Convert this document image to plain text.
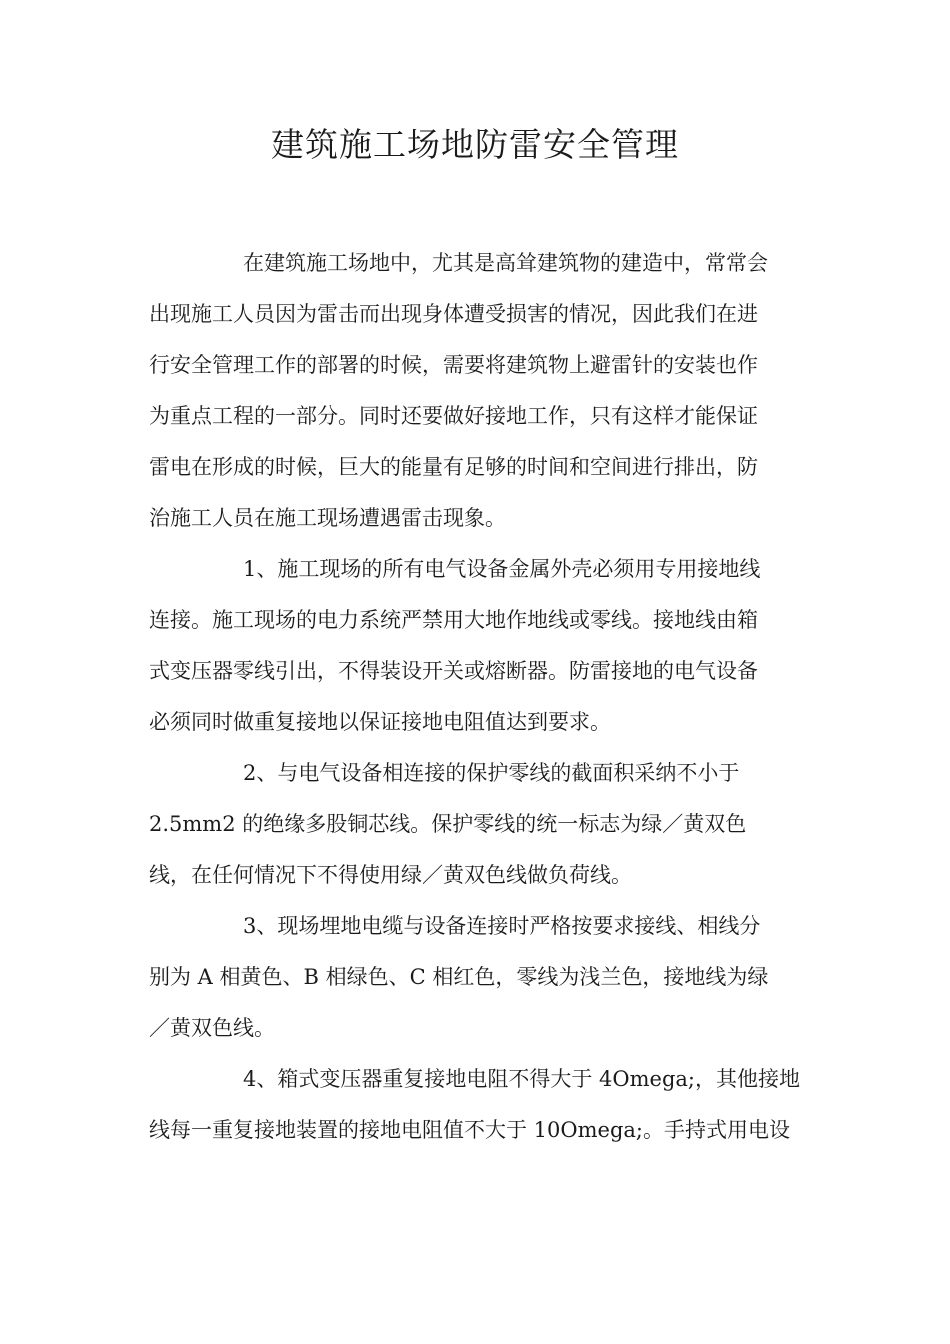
建筑施工场地防雷安全管理
在建筑施工场地中，尤其是高耸建筑物的建造中，常常会
出现施工人员因为雷击而出现身体遭受损害的情况，因此我们在进
行安全管理工作的部署的时候，需要将建筑物上避雷针的安装也作
为重点工程的一部分。同时还要做好接地工作，只有这样才能保证
雷电在形成的时候，巨大的能量有足够的时间和空间进行排出，防
治施工人员在施工现场遭遇雷击现象。
1、施工现场的所有电气设备金属外壳必须用专用接地线
连接。施工现场的电力系统严禁用大地作地线或零线。接地线由箱
式变压器零线引出，不得装设开关或熔断器。防雷接地的电气设备
必须同时做重复接地以保证接地电阻值达到要求。
2、与电气设备相连接的保护零线的截面积采纳不小于
2.5mm2 的绝缘多股铜芯线。保护零线的统一标志为绿／黄双色
线，在任何情况下不得使用绿／黄双色线做负荷线。
3、现场埋地电缆与设备连接时严格按要求接线、相线分
别为 A 相黄色、B 相绿色、C 相红色，零线为浅兰色，接地线为绿
／黄双色线。
4、箱式变压器重复接地电阻不得大于 4Omega;，其他接地
线每一重复接地装置的接地电阻值不大于 10Omega;。手持式用电设
